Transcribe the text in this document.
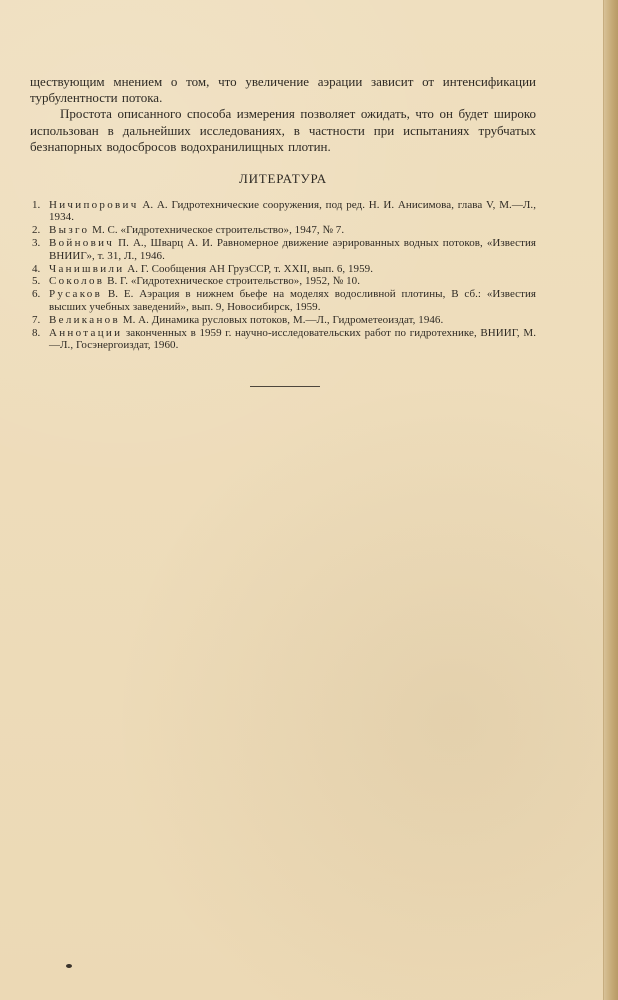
ществующим мнением о том, что увеличение аэрации зависит от интенсификации турбулентности потока.

Простота описанного способа измерения позволяет ожидать, что он будет широко использован в дальнейших исследованиях, в частности при испытаниях трубчатых безнапорных водосбросов водохранилищных плотин.

ЛИТЕРАТУРА
1. Ничипорович А. А. Гидротехнические сооружения, под ред. Н. И. Анисимова, глава V, М.—Л., 1934.
2. Вызго М. С. «Гидротехническое строительство», 1947, № 7.
3. Войнович П. А., Шварц А. И. Равномерное движение аэрированных водных потоков, «Известия ВНИИГ», т. 31, Л., 1946.
4. Чанишвили А. Г. Сообщения АН ГрузССР, т. XXII, вып. 6, 1959.
5. Соколов В. Г. «Гидротехническое строительство», 1952, № 10.
6. Русаков В. Е. Аэрация в нижнем бьефе на моделях водосливной плотины, В сб.: «Известия высших учебных заведений», вып. 9, Новосибирск, 1959.
7. Великанов М. А. Динамика русловых потоков, М.—Л., Гидрометеоиздат, 1946.
8. Аннотации законченных в 1959 г. научно-исследовательских работ по гидротехнике, ВНИИГ, М.—Л., Госэнергоиздат, 1960.
